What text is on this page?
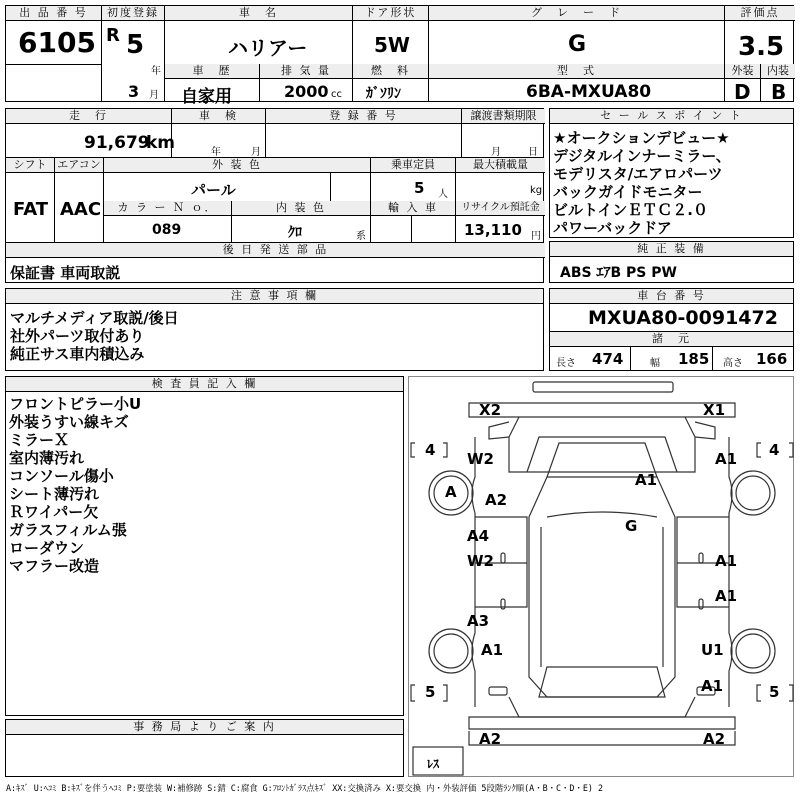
出 品 番 号
6105
初度登録
R 5
年
3 月
車　名
ハリアー
ドア形状
5W
グ　レ　ー　ド
G
評価点
3.5
車　歴
自家用
排 気 量
2000 cc
燃　料
ｶﾞｿﾘﾝ
型　式
6BA-MXUA80
外装	内装
D B
走　行
91,679
km
車　検
年	月
登 録 番 号	譲渡書類期限
月	日
シフト
FAT
エアコン
AAC
外 装 色
パール
乗車定員
5 人
最大積載量
kg
カ ラ ー Ｎ ｏ．
089
内 装 色
ｸﾛ	系
輸 入 車	リサイクル預託金
13,110 円
後 日 発 送 部 品
保証書 車両取説
セ ー ル ス ポ イ ン ト
★オークションデビュー★
デジタルインナーミラー、
モデリスタ/エアロパーツ
バックガイドモニター
ビルトインＥＴＣ２.０
パワーバックドア
純 正 装 備
ABS ｴｱB PS PW
注 意 事 項 欄
マルチメディア取説/後日
社外パーツ取付あり
純正サス車内積込み
車 台 番 号
MXUA80-0091472
諸　元
長さ 474	幅 185 高さ 166
検 査 員 記 入 欄
フロントピラー小U
外装うすい線キズ
ミラーＸ
室内薄汚れ
コンソール傷小
シート薄汚れ
Ｒワイパー欠
ガラスフィルム張
ローダウン
マフラー改造
事 務 局 よ り ご 案 内
X2	X1
4	4
W2	A1
A A2
A1
G
A4
W2	A1
A1
A3
A1	U1
A1
5	5
A2	A2
ﾚｽ
A:ｷｽﾞ U:ﾍｺﾐ B:ｷｽﾞを伴うﾍｺﾐ P:要塗装 W:補修跡 S:錆 C:腐食 G:ﾌﾛﾝﾄｶﾞﾗｽ点ｷｽﾞ XX:交換済み X:要交換 内・外装評価 5段階ﾗﾝｸ順(A・B・C・D・E) 2
